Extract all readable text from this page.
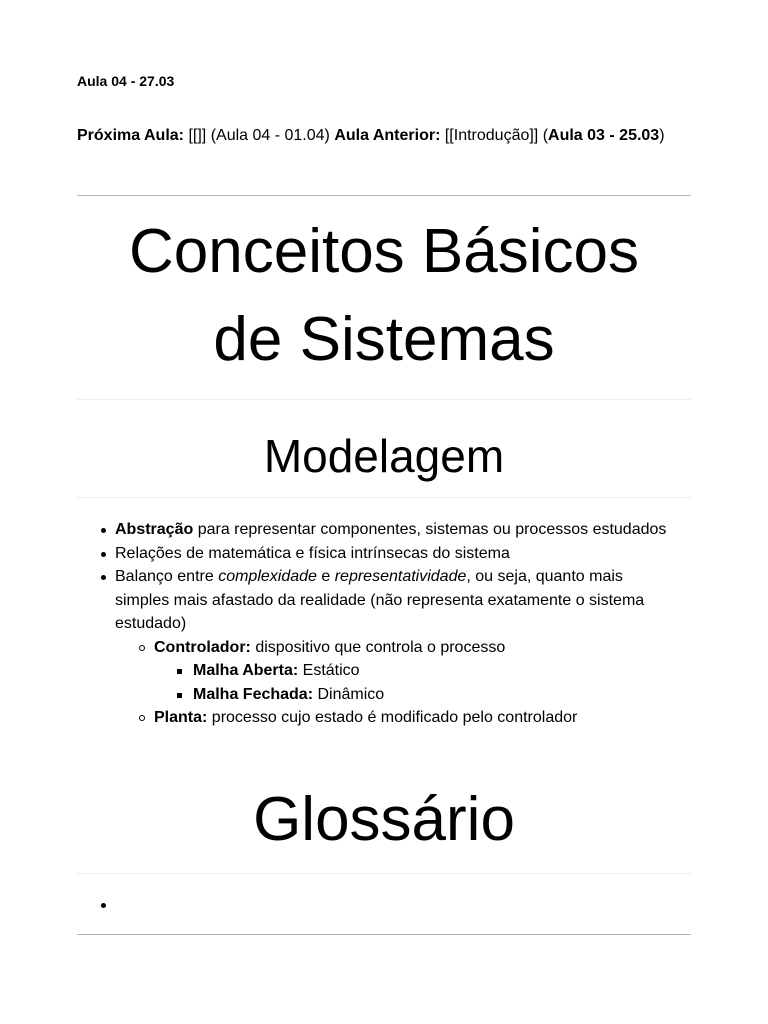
Aula 04 - 27.03
Próxima Aula: [[]] (Aula 04 - 01.04) Aula Anterior: [[Introdução]] (Aula 03 - 25.03)
Conceitos Básicos
de Sistemas
Modelagem
Abstração para representar componentes, sistemas ou processos estudados
Relações de matemática e física intrínsecas do sistema
Balanço entre complexidade e representatividade, ou seja, quanto mais simples mais afastado da realidade (não representa exatamente o sistema estudado)
Controlador: dispositivo que controla o processo
Malha Aberta: Estático
Malha Fechada: Dinâmico
Planta: processo cujo estado é modificado pelo controlador
Glossário
